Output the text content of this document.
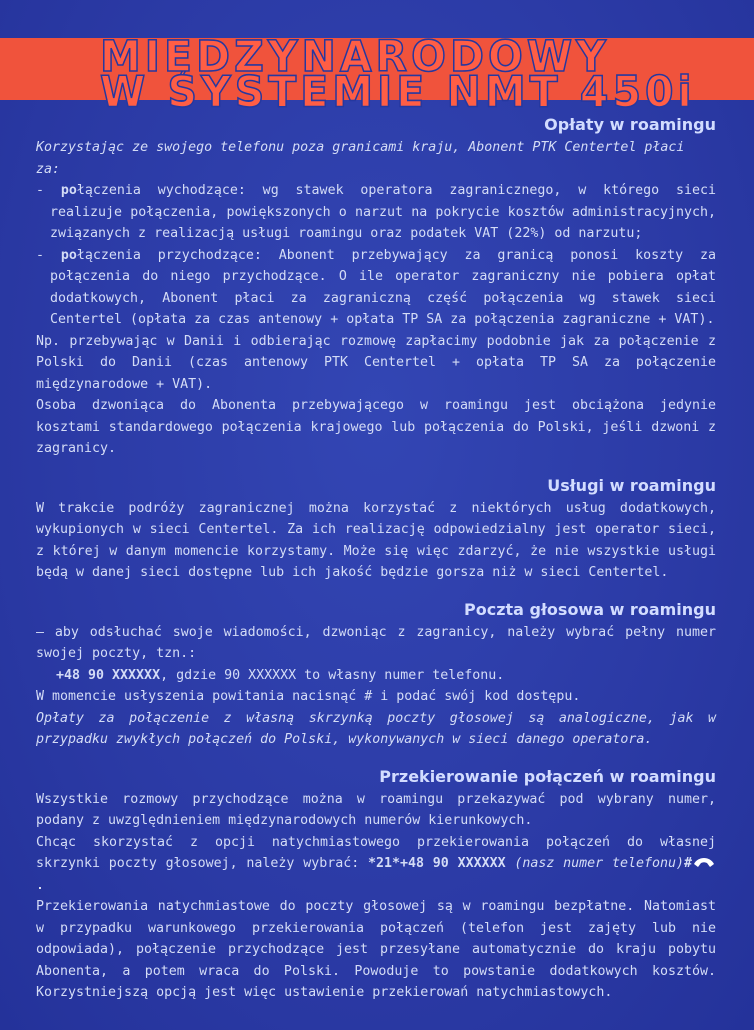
MIĘDZYNARODOWY
W SYSTEMIE NMT 450i
Opłaty w roamingu

Korzystając ze swojego telefonu poza granicami kraju, Abonent PTK Centertel płaci za:

- połączenia wychodzące: wg stawek operatora zagranicznego, w którego sieci realizuje połączenia, powiększonych o narzut na pokrycie kosztów administracyjnych, związanych z realizacją usługi roamingu oraz podatek VAT (22%) od narzutu;

- połączenia przychodzące: Abonent przebywający za granicą ponosi koszty za połączenia do niego przychodzące. O ile operator zagraniczny nie pobiera opłat dodatkowych, Abonent płaci za zagraniczną część połączenia wg stawek sieci Centertel (opłata za czas antenowy + opłata TP SA za połączenia zagraniczne + VAT).

Np. przebywając w Danii i odbierając rozmowę zapłacimy podobnie jak za połączenie z Polski do Danii (czas antenowy PTK Centertel + opłata TP SA za połączenie międzynarodowe + VAT).

Osoba dzwoniąca do Abonenta przebywającego w roamingu jest obciążona jedynie kosztami standardowego połączenia krajowego lub połączenia do Polski, jeśli dzwoni z zagranicy.

Usługi w roamingu

W trakcie podróży zagranicznej można korzystać z niektórych usług dodatkowych, wykupionych w sieci Centertel. Za ich realizację odpowiedzialny jest operator sieci, z której w danym momencie korzystamy. Może się więc zdarzyć, że nie wszystkie usługi będą w danej sieci dostępne lub ich jakość będzie gorsza niż w sieci Centertel.

Poczta głosowa w roamingu

– aby odsłuchać swoje wiadomości, dzwoniąc z zagranicy, należy wybrać pełny numer swojej poczty, tzn.:

+48 90 XXXXXX, gdzie 90 XXXXXX to własny numer telefonu.

W momencie usłyszenia powitania nacisnąć # i podać swój kod dostępu.

Opłaty za połączenie z własną skrzynką poczty głosowej są analogiczne, jak w przypadku zwykłych połączeń do Polski, wykonywanych w sieci danego operatora.

Przekierowanie połączeń w roamingu

Wszystkie rozmowy przychodzące można w roamingu przekazywać pod wybrany numer, podany z uwzględnieniem międzynarodowych numerów kierunkowych.

Chcąc skorzystać z opcji natychmiastowego przekierowania połączeń do własnej skrzynki poczty głosowej, należy wybrać: *21*+48 90 XXXXXX (nasz numer telefonu)# .

Przekierowania natychmiastowe do poczty głosowej są w roamingu bezpłatne. Natomiast w przypadku warunkowego przekierowania połączeń (telefon jest zajęty lub nie odpowiada), połączenie przychodzące jest przesyłane automatycznie do kraju pobytu Abonenta, a potem wraca do Polski. Powoduje to powstanie dodatkowych kosztów. Korzystniejszą opcją jest więc ustawienie przekierowań natychmiastowych.
